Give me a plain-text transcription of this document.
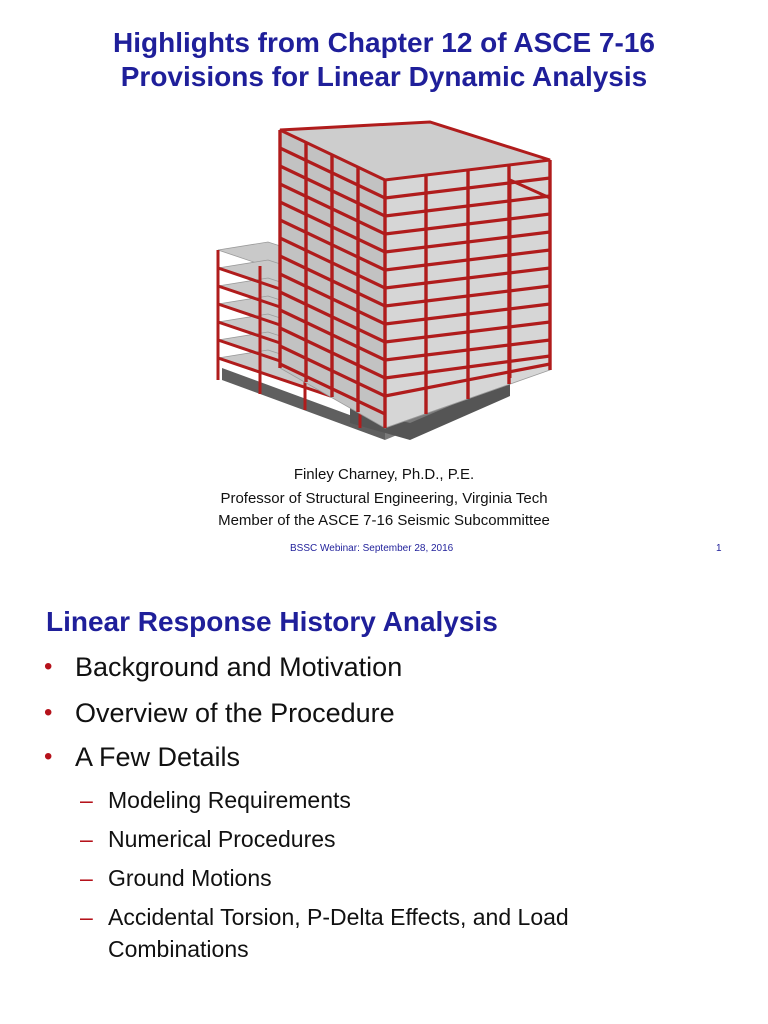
Highlights from Chapter 12 of ASCE 7-16
Provisions for Linear Dynamic Analysis
Finley Charney, Ph.D., P.E.
Professor of Structural Engineering, Virginia Tech
Member of the ASCE 7-16 Seismic Subcommittee
BSSC Webinar: September 28, 2016	1
Linear Response History Analysis
• Background and Motivation
• Overview of the Procedure
• A Few Details
– Modeling Requirements
– Numerical Procedures
– Ground Motions
– Accidental Torsion, P-Delta Effects, and Load
Combinations
